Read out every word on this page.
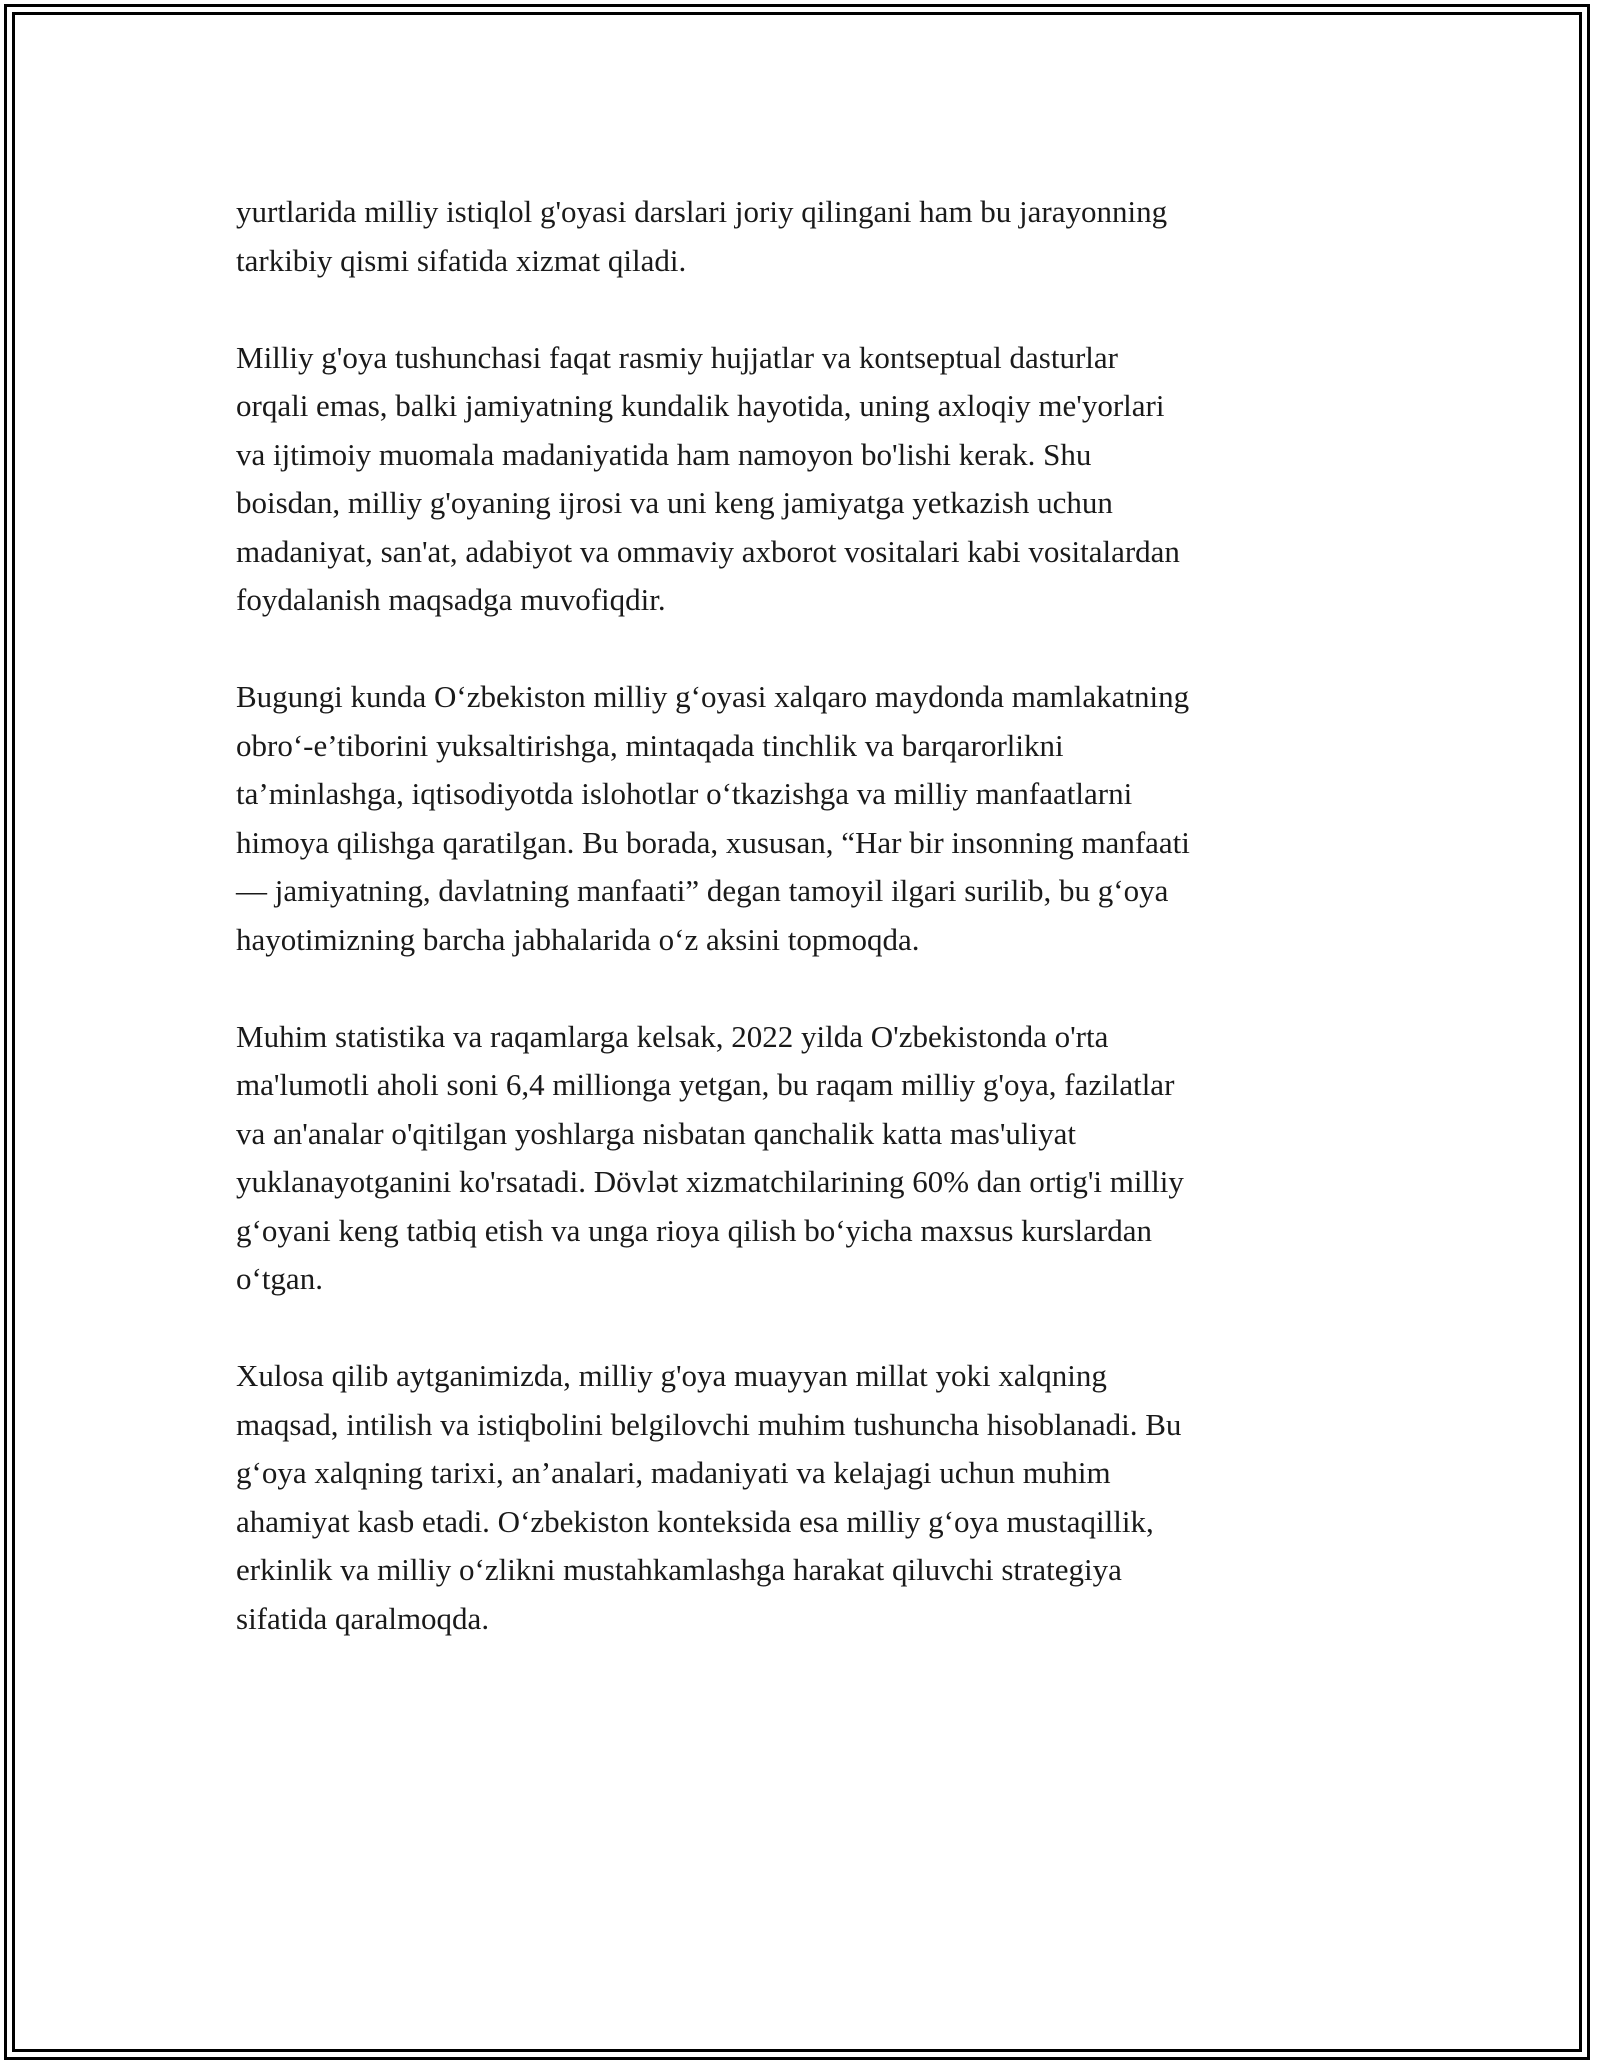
yurtlarida milliy istiqlol g'oyasi darslari joriy qilingani ham bu jarayonning
tarkibiy qismi sifatida xizmat qiladi.

Milliy g'oya tushunchasi faqat rasmiy hujjatlar va kontseptual dasturlar
orqali emas, balki jamiyatning kundalik hayotida, uning axloqiy me'yorlari
va ijtimoiy muomala madaniyatida ham namoyon bo'lishi kerak. Shu
boisdan, milliy g'oyaning ijrosi va uni keng jamiyatga yetkazish uchun
madaniyat, san'at, adabiyot va ommaviy axborot vositalari kabi vositalardan
foydalanish maqsadga muvofiqdir.

Bugungi kunda O‘zbekiston milliy g‘oyasi xalqaro maydonda mamlakatning
obro‘-e’tiborini yuksaltirishga, mintaqada tinchlik va barqarorlikni
ta’minlashga, iqtisodiyotda islohotlar o‘tkazishga va milliy manfaatlarni
himoya qilishga qaratilgan. Bu borada, xususan, “Har bir insonning manfaati
— jamiyatning, davlatning manfaati” degan tamoyil ilgari surilib, bu g‘oya
hayotimizning barcha jabhalarida o‘z aksini topmoqda.

Muhim statistika va raqamlarga kelsak, 2022 yilda O'zbekistonda o'rta
ma'lumotli aholi soni 6,4 millionga yetgan, bu raqam milliy g'oya, fazilatlar
va an'analar o'qitilgan yoshlarga nisbatan qanchalik katta mas'uliyat
yuklanayotganini ko'rsatadi. Dövlət xizmatchilarining 60% dan ortig'i milliy
g‘oyani keng tatbiq etish va unga rioya qilish bo‘yicha maxsus kurslardan
o‘tgan.

Xulosa qilib aytganimizda, milliy g'oya muayyan millat yoki xalqning
maqsad, intilish va istiqbolini belgilovchi muhim tushuncha hisoblanadi. Bu
g‘oya xalqning tarixi, an’analari, madaniyati va kelajagi uchun muhim
ahamiyat kasb etadi. O‘zbekiston konteksida esa milliy g‘oya mustaqillik,
erkinlik va milliy o‘zlikni mustahkamlashga harakat qiluvchi strategiya
sifatida qaralmoqda.
